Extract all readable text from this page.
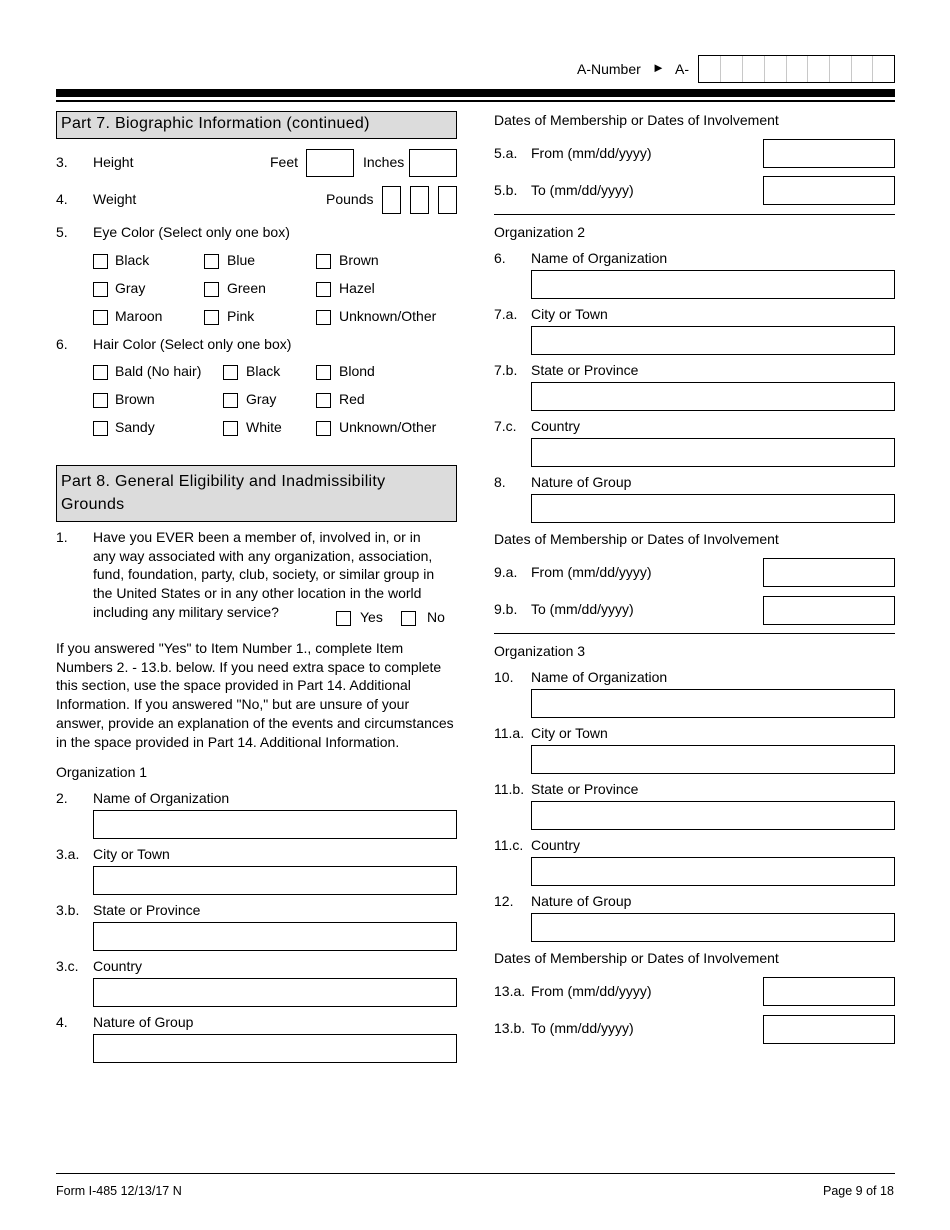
A-Number ► A-
Part 7. Biographic Information (continued)
3. Height	Feet	Inches
4. Weight	Pounds
5. Eye Color (Select only one box)
Black	Blue	Brown
Gray	Green	Hazel
Maroon	Pink	Unknown/Other
6. Hair Color (Select only one box)
Bald (No hair)	Black	Blond
Brown	Gray	Red
Sandy	White	Unknown/Other
Part 8. General Eligibility and Inadmissibility
Grounds
1. Have you EVER been a member of, involved in, or in
any way associated with any organization, association,
fund, foundation, party, club, society, or similar group in
the United States or in any other location in the world
including any military service?	Yes	No
If you answered "Yes" to Item Number 1., complete Item
Numbers 2. - 13.b. below. If you need extra space to complete
this section, use the space provided in Part 14. Additional
Information. If you answered "No," but are unsure of your
answer, provide an explanation of the events and circumstances
in the space provided in Part 14. Additional Information.
Organization 1
2. Name of Organization
3.a. City or Town
3.b. State or Province
3.c. Country
4. Nature of Group
Dates of Membership or Dates of Involvement
5.a. From (mm/dd/yyyy)
5.b. To (mm/dd/yyyy)
Organization 2
6. Name of Organization
7.a. City or Town
7.b. State or Province
7.c. Country
8. Nature of Group
Dates of Membership or Dates of Involvement
9.a. From (mm/dd/yyyy)
9.b. To (mm/dd/yyyy)
Organization 3
10. Name of Organization
11.a. City or Town
11.b. State or Province
11.c. Country
12. Nature of Group
Dates of Membership or Dates of Involvement
13.a. From (mm/dd/yyyy)
13.b. To (mm/dd/yyyy)
Form I-485 12/13/17 N	Page 9 of 18
